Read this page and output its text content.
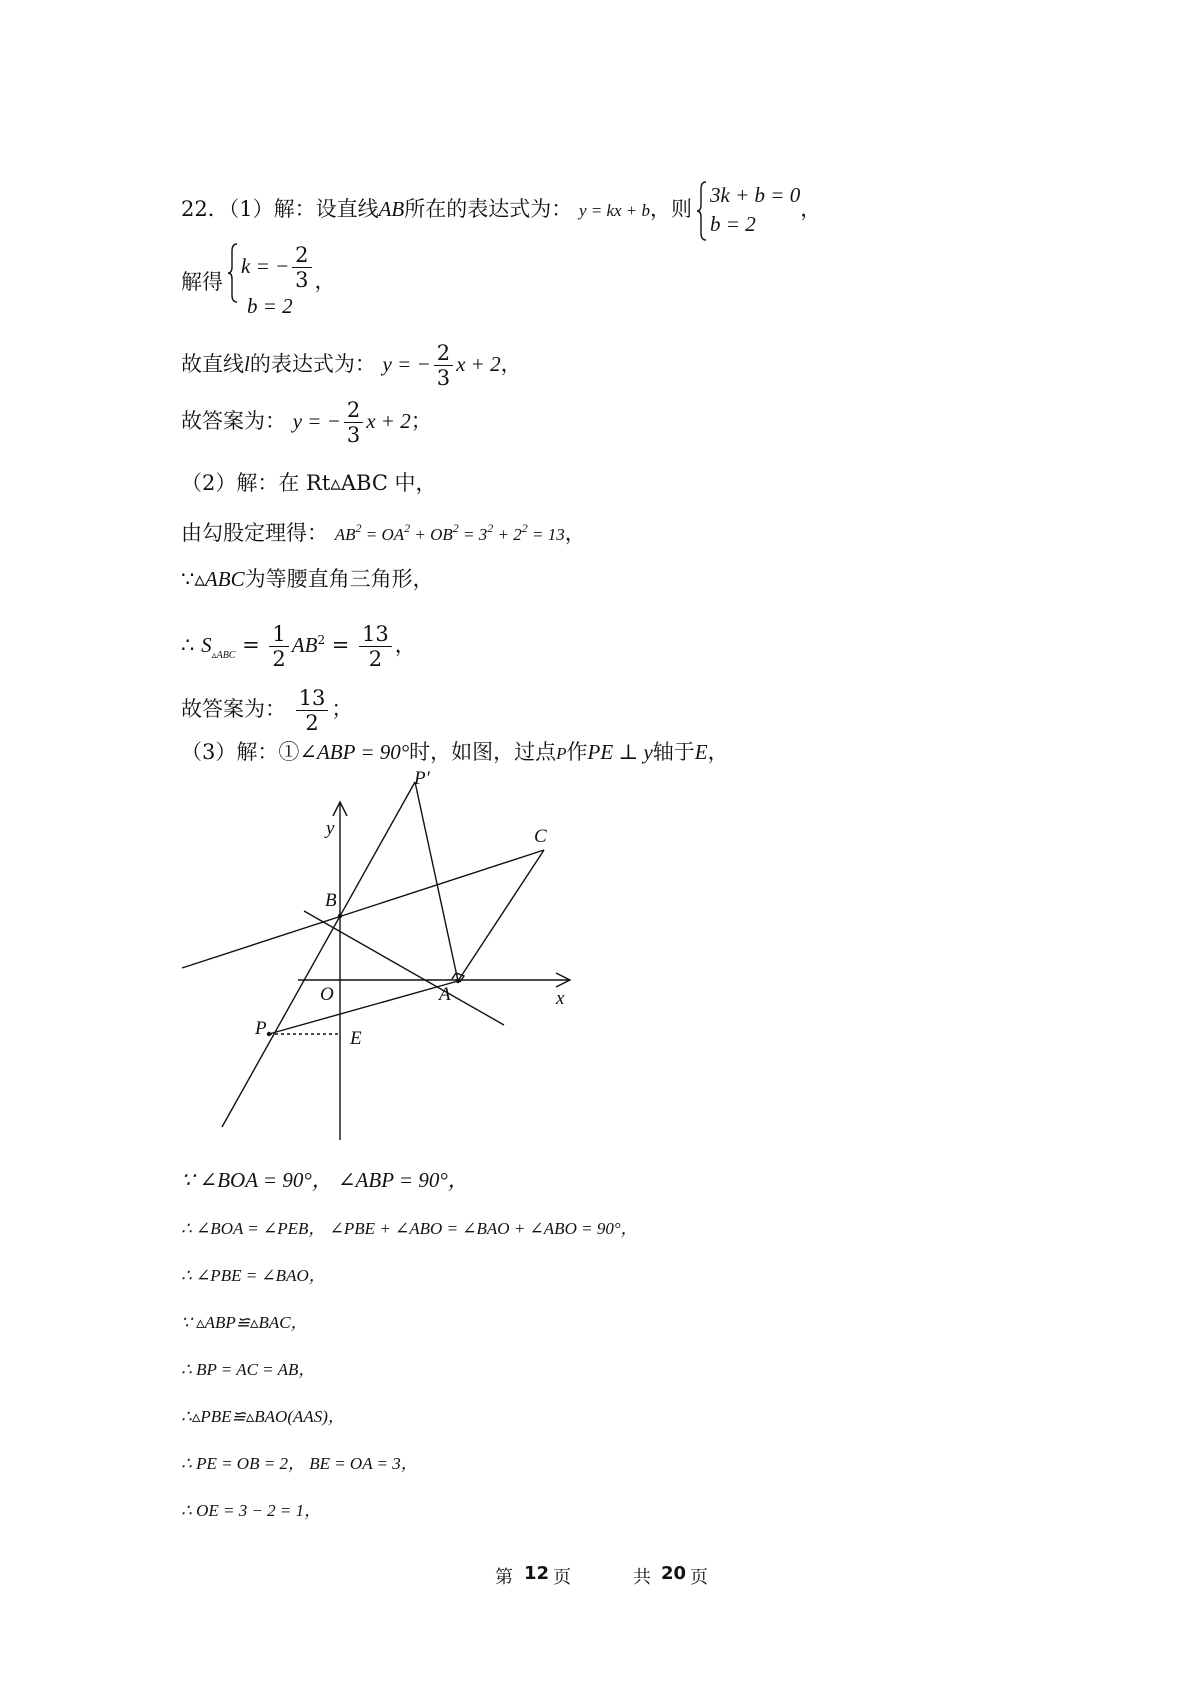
22．（1）解：设直线AB所在的表达式为： y = kx + b，则
3k + b = 0
b = 2
，
解得
k = − $\frac{2}{3}$
b = 2
，
故直线l的表达式为： y = − $\frac{2}{3}$ x + 2，
故答案为： y = − $\frac{2}{3}$ x + 2；
（2）解：在 Rt▵ABC 中，
由勾股定理得： $AB^2 = OA^2 + OB^2 = 3^2 + 2^2 = 13$，
∵▵ABC为等腰直角三角形，
∴ $S_{▵ABC} = \frac{1}{2} AB^2 = \frac{13}{2}$ ，
故答案为： $\frac{13}{2}$ ；
（3）解：①∠ABP = 90°时，如图，过点P作PE ⊥ y轴于E，
P′
C
y
B
O	A	x
P	E
∵ ∠BOA = 90°， ∠ABP = 90°，
∴ ∠BOA = ∠PEB， ∠PBE + ∠ABO = ∠BAO + ∠ABO = 90°，
∴ ∠PBE = ∠BAO，
∵ ▵ABP≌▵BAC，
∴ BP = AC = AB，
∴▵PBE≌▵BAO(AAS)，
∴ PE = OB = 2， BE = OA = 3，
∴ OE = 3 − 2 = 1，
第 12 页	共 20 页
